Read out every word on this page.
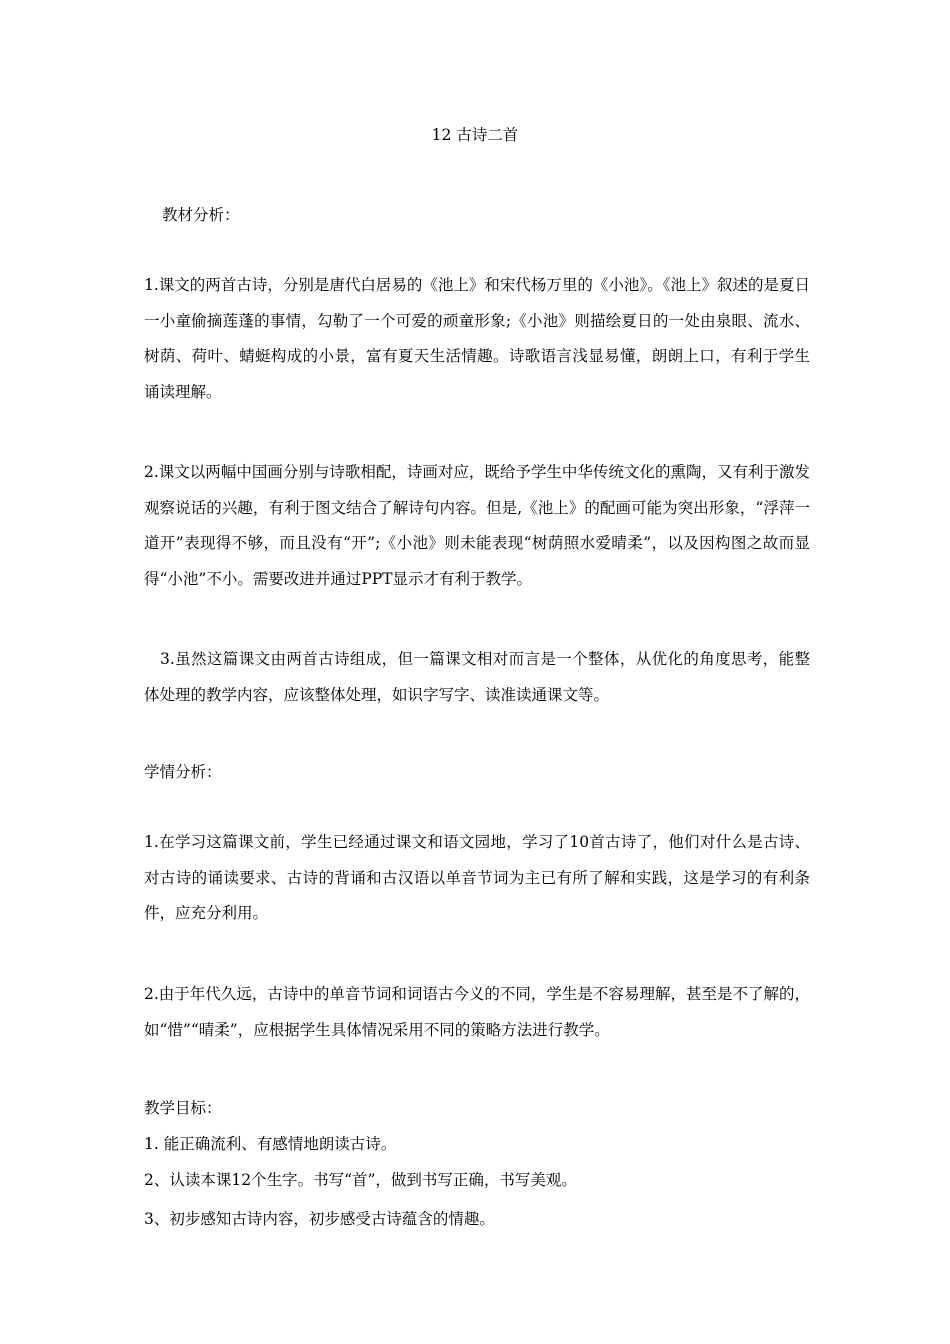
12 古诗二首
教材分析：
1.课文的两首古诗，分别是唐代白居易的《池上》和宋代杨万里的《小池》。《池上》叙述的是夏日一小童偷摘莲蓬的事情，勾勒了一个可爱的顽童形象;《小池》则描绘夏日的一处由泉眼、流水、树荫、荷叶、蜻蜓构成的小景，富有夏天生活情趣。诗歌语言浅显易懂，朗朗上口，有利于学生诵读理解。
2.课文以两幅中国画分别与诗歌相配，诗画对应，既给予学生中华传统文化的熏陶，又有利于激发观察说话的兴趣，有利于图文结合了解诗句内容。但是,《池上》的配画可能为突出形象，“浮萍一道开”表现得不够，而且没有“开”;《小池》则未能表现“树荫照水爱晴柔”，以及因构图之故而显得“小池”不小。需要改进并通过PPT显示才有利于教学。
3.虽然这篇课文由两首古诗组成，但一篇课文相对而言是一个整体，从优化的角度思考，能整体处理的教学内容，应该整体处理，如识字写字、读准读通课文等。
学情分析：
1.在学习这篇课文前，学生已经通过课文和语文园地，学习了10首古诗了，他们对什么是古诗、对古诗的诵读要求、古诗的背诵和古汉语以单音节词为主已有所了解和实践，这是学习的有利条件，应充分利用。
2.由于年代久远，古诗中的单音节词和词语古今义的不同，学生是不容易理解，甚至是不了解的，如“惜”“晴柔”，应根据学生具体情况采用不同的策略方法进行教学。
教学目标：
1. 能正确流利、有感情地朗读古诗。
2、认读本课12个生字。书写“首”，做到书写正确，书写美观。
3、初步感知古诗内容，初步感受古诗蕴含的情趣。
